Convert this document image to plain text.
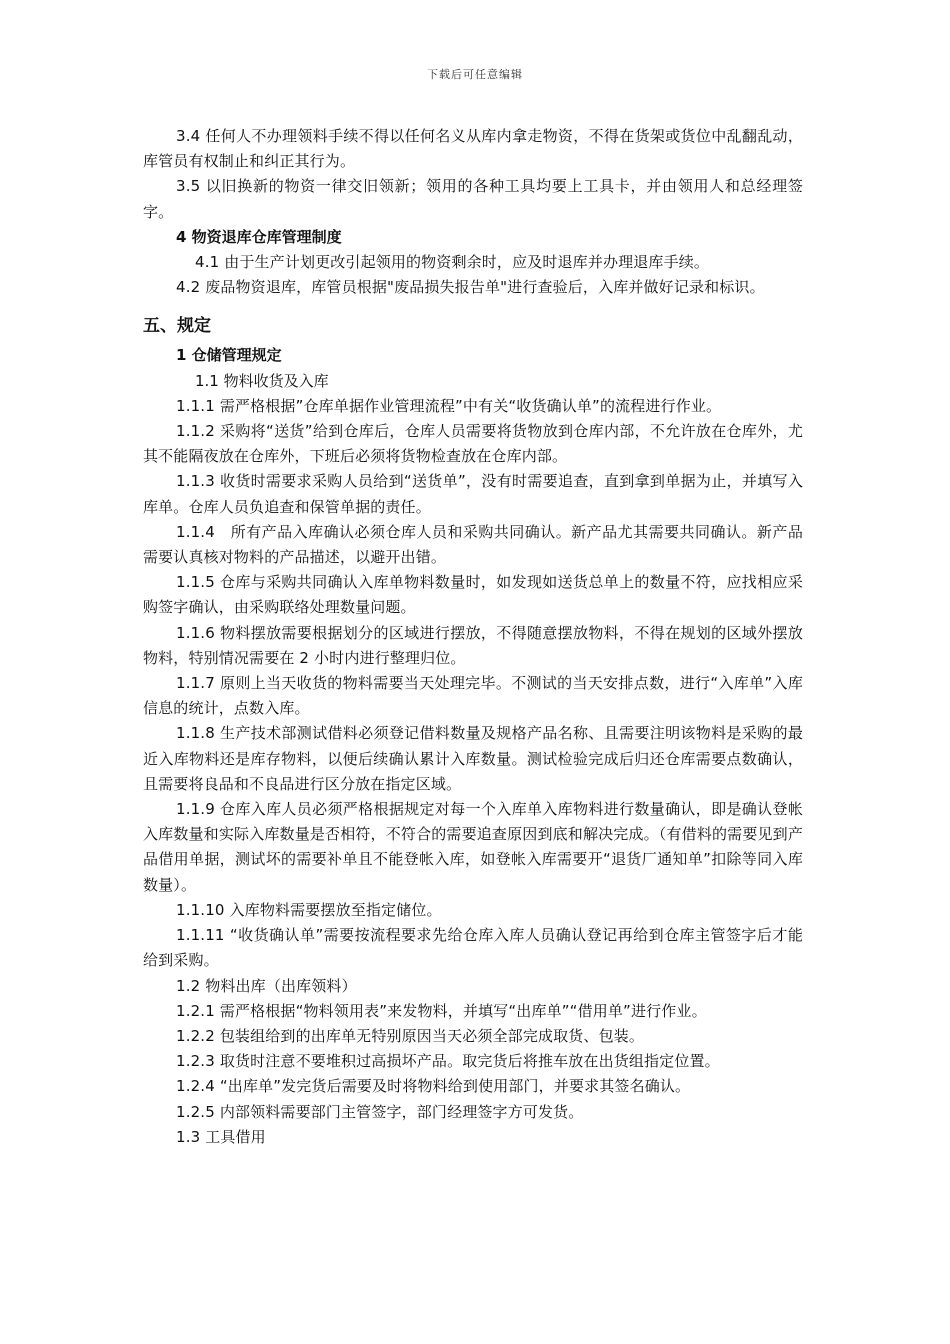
下载后可任意编辑

3.4 任何人不办理领料手续不得以任何名义从库内拿走物资，不得在货架或货位中乱翻乱动，库管员有权制止和纠正其行为。

3.5 以旧换新的物资一律交旧领新；领用的各种工具均要上工具卡，并由领用人和总经理签字。

4 物资退库仓库管理制度

4.1 由于生产计划更改引起领用的物资剩余时，应及时退库并办理退库手续。

4.2 废品物资退库，库管员根据"废品损失报告单"进行查验后，入库并做好记录和标识。

五、规定

1 仓储管理规定

1.1 物料收货及入库

1.1.1 需严格根据”仓库单据作业管理流程”中有关“收货确认单”的流程进行作业。

1.1.2 采购将“送货”给到仓库后，仓库人员需要将货物放到仓库内部，不允许放在仓库外，尤其不能隔夜放在仓库外，下班后必须将货物检查放在仓库内部。

1.1.3 收货时需要求采购人员给到“送货单”，没有时需要追查，直到拿到单据为止，并填写入库单。仓库人员负追查和保管单据的责任。

1.1.4　所有产品入库确认必须仓库人员和采购共同确认。新产品尤其需要共同确认。新产品需要认真核对物料的产品描述，以避开出错。

1.1.5 仓库与采购共同确认入库单物料数量时，如发现如送货总单上的数量不符，应找相应采购签字确认，由采购联络处理数量问题。

1.1.6 物料摆放需要根据划分的区域进行摆放，不得随意摆放物料，不得在规划的区域外摆放物料，特别情况需要在 2 小时内进行整理归位。

1.1.7 原则上当天收货的物料需要当天处理完毕。不测试的当天安排点数，进行“入库单”入库信息的统计，点数入库。

1.1.8 生产技术部测试借料必须登记借料数量及规格产品名称、且需要注明该物料是采购的最近入库物料还是库存物料，以便后续确认累计入库数量。测试检验完成后归还仓库需要点数确认，且需要将良品和不良品进行区分放在指定区域。

1.1.9 仓库入库人员必须严格根据规定对每一个入库单入库物料进行数量确认，即是确认登帐入库数量和实际入库数量是否相符，不符合的需要追查原因到底和解决完成。（有借料的需要见到产品借用单据，测试坏的需要补单且不能登帐入库，如登帐入库需要开“退货厂通知单”扣除等同入库数量）。

1.1.10 入库物料需要摆放至指定储位。

1.1.11 “收货确认单”需要按流程要求先给仓库入库人员确认登记再给到仓库主管签字后才能给到采购。

1.2 物料出库（出库领料）

1.2.1 需严格根据“物料领用表”来发物料，并填写“出库单”“借用单”进行作业。

1.2.2 包装组给到的出库单无特别原因当天必须全部完成取货、包装。

1.2.3 取货时注意不要堆积过高损坏产品。取完货后将推车放在出货组指定位置。

1.2.4 “出库单”发完货后需要及时将物料给到使用部门，并要求其签名确认。

1.2.5 内部领料需要部门主管签字，部门经理签字方可发货。

1.3 工具借用
